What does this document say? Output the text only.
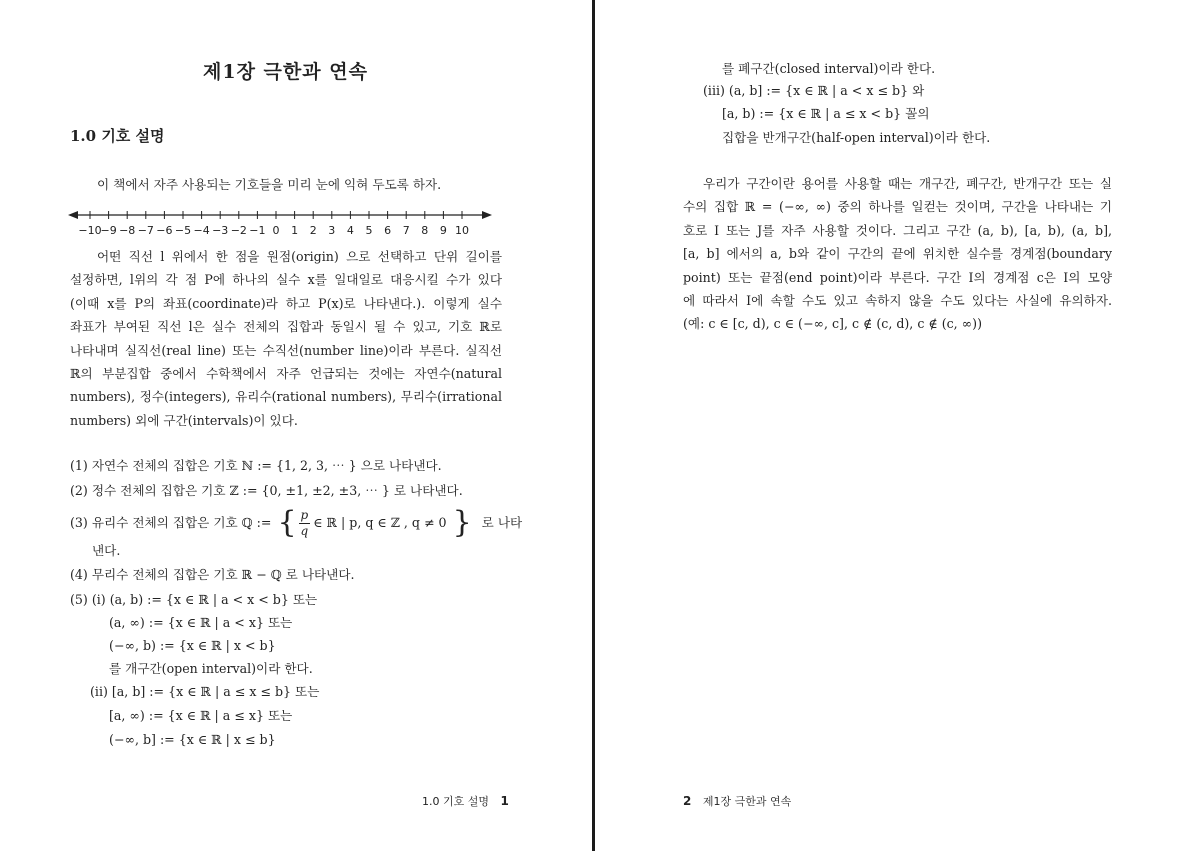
제1장 극한과 연속
1.0 기호 설명
이 책에서 자주 사용되는 기호들을 미리 눈에 익혀 두도록 하자.
−10
−9 −8 −7 −6 −5 −4 −3 −2 −1 0 1 2 3 4 5 6 7 8 9 10

어떤 직선 l 위에서 한 점을 원점(origin) 으로 선택하고 단위 길이를

설정하면, l위의 각 점 P에 하나의 실수 x를 일대일로 대응시킬 수가 있다

(이때 x를 P의 좌표(coordinate)라 하고 P(x)로 나타낸다.). 이렇게 실수

좌표가 부여된 직선 l은 실수 전체의 집합과 동일시 될 수 있고, 기호 ℝ로

나타내며 실직선(real line) 또는 수직선(number line)이라 부른다. 실직선

ℝ의 부분집합 중에서 수학책에서 자주 언급되는 것에는 자연수(natural

numbers), 정수(integers), 유리수(rational numbers), 무리수(irrational

numbers) 외에 구간(intervals)이 있다.

(1) 자연수 전체의 집합은 기호 ℕ := {1, 2, 3, ⋯ } 으로 나타낸다.
(2) 정수 전체의 집합은 기호 ℤ := {0, ±1, ±2, ±3, ⋯ } 로 나타낸다.
(3) 유리수 전체의 집합은 기호 ℚ := { $\frac{p}{q}$ ∈ ℝ | p, q ∈ ℤ , q ≠ 0 } 로 나타
낸다.
(4) 무리수 전체의 집합은 기호 ℝ − ℚ 로 나타낸다.
(5) (i) (a, b) := {x ∈ ℝ | a < x < b} 또는
(a, ∞) := {x ∈ ℝ | a < x} 또는
(−∞, b) := {x ∈ ℝ | x < b}
를 개구간(open interval)이라 한다.
(ii) [a, b] := {x ∈ ℝ | a ≤ x ≤ b} 또는
[a, ∞) := {x ∈ ℝ | a ≤ x} 또는
(−∞, b] := {x ∈ ℝ | x ≤ b}
1.0 기호 설명 1
를 폐구간(closed interval)이라 한다.
(iii) (a, b] := {x ∈ ℝ | a < x ≤ b} 와
[a, b) := {x ∈ ℝ | a ≤ x < b} 꼴의
집합을 반개구간(half-open interval)이라 한다.

우리가 구간이란 용어를 사용할 때는 개구간, 폐구간, 반개구간 또는 실

수의 집합 ℝ = (−∞, ∞) 중의 하나를 일컫는 것이며, 구간을 나타내는 기

호로 I 또는 J를 자주 사용할 것이다. 그리고 구간 (a, b), [a, b), (a, b],

[a, b] 에서의 a, b와 같이 구간의 끝에 위치한 실수를 경계점(boundary

point) 또는 끝점(end point)이라 부른다. 구간 I의 경계점 c은 I의 모양

에 따라서 I에 속할 수도 있고 속하지 않을 수도 있다는 사실에 유의하자.

(예: c ∈ [c, d), c ∈ (−∞, c], c ∉ (c, d), c ∉ (c, ∞))

2 제1장 극한과 연속
